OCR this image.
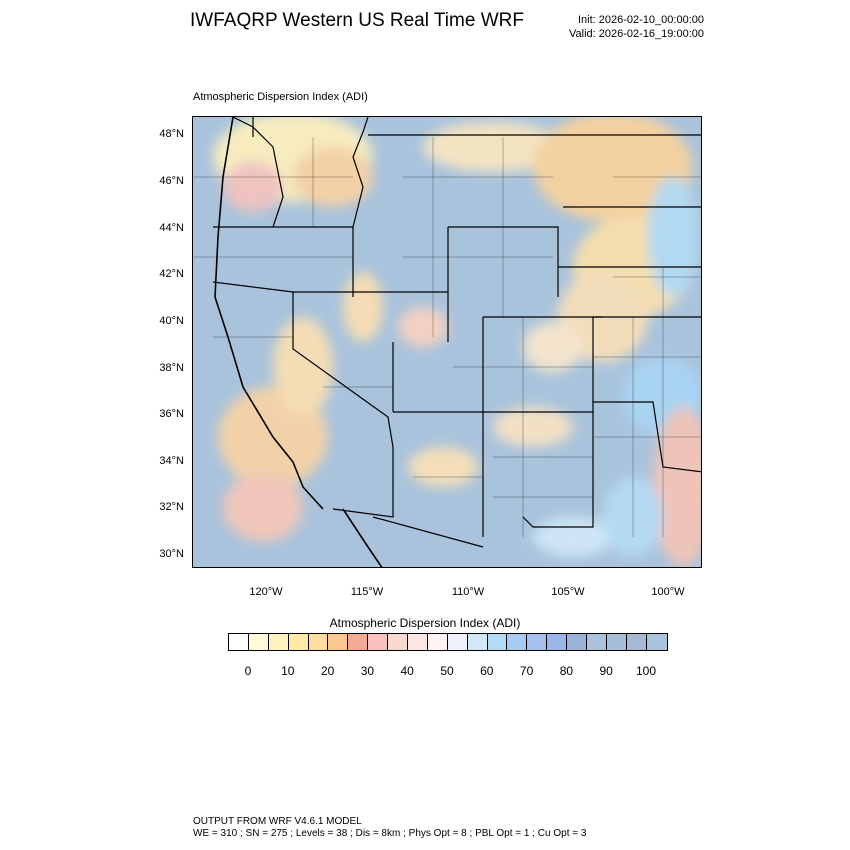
IWFAQRP Western US Real Time WRF	Init: 2026-02-10_00:00:00
Valid: 2026-02-16_19:00:00
Atmospheric Dispersion Index (ADI)
48°N
46°N
44°N
42°N
40°N
38°N
36°N
34°N
32°N
30°N
120°W	115°W	110°W	105°W	100°W
Atmospheric Dispersion Index (ADI)
0	10	20	30	40	50	60	70	80	90	100
OUTPUT FROM WRF V4.6.1 MODEL
WE = 310 ; SN = 275 ; Levels = 38 ; Dis = 8km ; Phys Opt = 8 ; PBL Opt = 1 ; Cu Opt = 3
